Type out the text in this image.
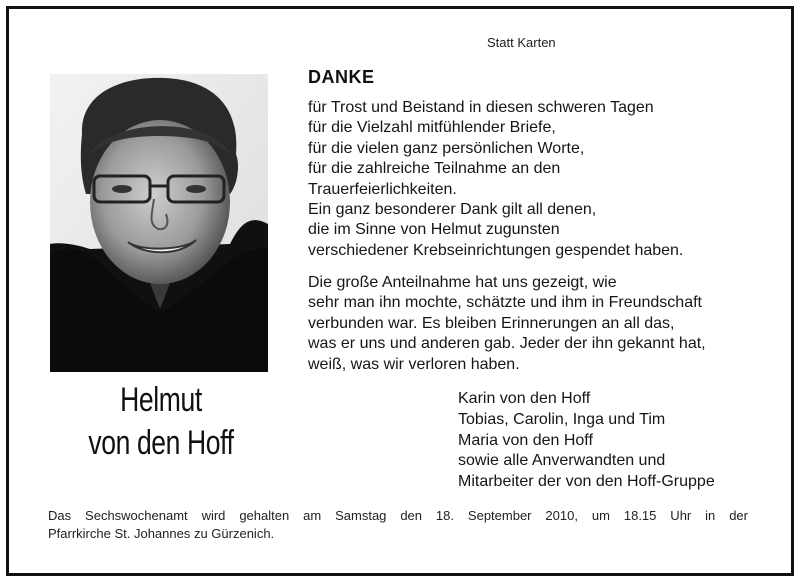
Statt Karten
Helmut
von den Hoff
DANKE
für Trost und Beistand in diesen schweren Tagen
für die Vielzahl mitfühlender Briefe,
für die vielen ganz persönlichen Worte,
für die zahlreiche Teilnahme an den
Trauerfeierlichkeiten.
Ein ganz besonderer Dank gilt all denen,
die im Sinne von Helmut zugunsten
verschiedener Krebseinrichtungen gespendet haben.
Die große Anteilnahme hat uns gezeigt, wie
sehr man ihn mochte, schätzte und ihm in Freundschaft
verbunden war. Es bleiben Erinnerungen an all das,
was er uns und anderen gab. Jeder der ihn gekannt hat,
weiß, was wir verloren haben.
Karin von den Hoff
Tobias, Carolin, Inga und Tim
Maria von den Hoff
sowie alle Anverwandten und
Mitarbeiter der von den Hoff-Gruppe
Das Sechswochenamt wird gehalten am Samstag den 18. September 2010, um 18.15 Uhr in der
Pfarrkirche St. Johannes zu Gürzenich.
